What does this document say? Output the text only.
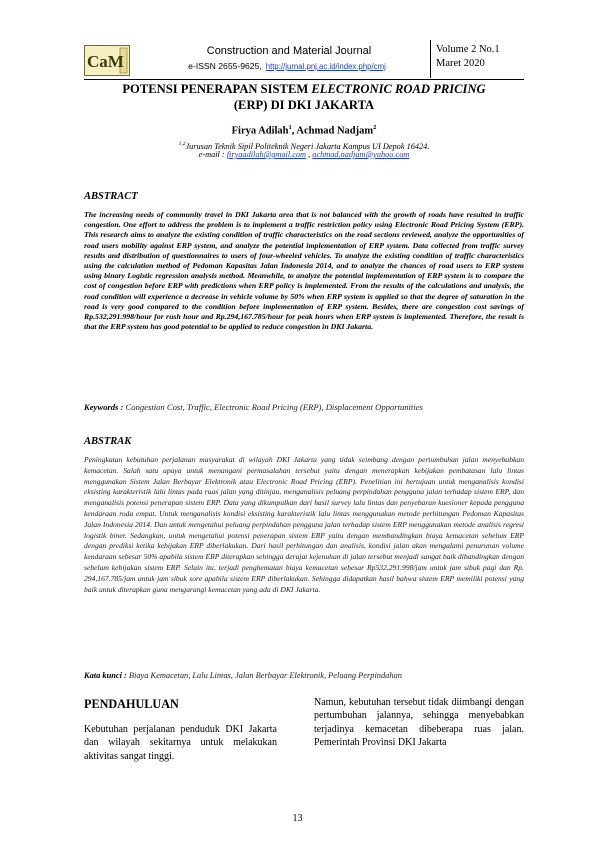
CaM
Construction and Material Journal
e-ISSN 2655-9625, http://jurnal.pnj.ac.id/index.php/cmj
Volume 2 No.1
Maret 2020
POTENSI PENERAPAN SISTEM ELECTRONIC ROAD PRICING
(ERP) DI DKI JAKARTA
Firya Adilah$^1$, Achmad Nadjam$^2$
$^{1,2}$Jurusan Teknik Sipil Politeknik Negeri Jakarta Kampus UI Depok 16424.
e-mail : firyaadilah@gmail.com , achmad.nadjam@yahoo.com
ABSTRACT
The increasing needs of community travel in DKI Jakarta area that is not balanced with the growth of roads have resulted in traffic congestion. One effort to address the problem is to implement a traffic restriction policy using Electronic Road Pricing System (ERP). This research aims to analyze the existing condition of traffic characteristics on the road sections reviewed, analyze the opportunities of road users mobility against ERP system, and analyze the potential implementation of ERP system. Data collected from traffic survey results and distribution of questionnaires to users of four-wheeled vehicles. To analyze the existing condition of traffic characteristics using the calculation method of Pedoman Kapasitas Jalan Indonesia 2014, and to analyze the chances of road users to ERP system using binary Logistic regression analysis method. Meanwhile, to analyze the potential implementation of ERP system is to compare the cost of congestion before ERP with predictions when ERP policy is implemented. From the results of the calculations and analysis, the road condition will experience a decrease in vehicle volume by 50% when ERP system is applied so that the degree of saturation in the road is very good compared to the condition before implementation of ERP system. Besides, there are congestion cost savings of Rp.532,291.998/hour for rush hour and Rp.294,167.785/hour for peak hours when ERP system is implemented. Therefore, the result is that the ERP system has good potential to be applied to reduce congestion in DKI Jakarta.
Keywords : Congestion Cost, Traffic, Electronic Road Pricing (ERP), Displacement Opportunities
ABSTRAK
Peningkatan kebutuhan perjalanan masyarakat di wilayah DKI Jakarta yang tidak seimbang dengan pertumbuhan jalan menyebabkan kemacetan. Salah satu upaya untuk menangani permasalahan tersebut yaitu dengan menerapkan kebijakan pembatasan lalu lintas menggunakan Sistem Jalan Berbayar Elektronik atau Electronic Road Pricing (ERP). Penelitian ini bertujuan untuk menganalisis kondisi eksisting karakteristik lalu lintas pada ruas jalan yang ditinjau, menganalisis peluang perpindahan pengguna jalan terhadap sistem ERP, dan menganalisis potensi penerapan sistem ERP. Data yang dikumpulkan dari hasil survey lalu lintas dan penyebaran kuesioner kepada pengguna kendaraan roda empat. Untuk menganalisis kondisi eksisting karakteristik lalu lintas menggunakan metode perhitungan Pedoman Kapasitas Jalan Indonesia 2014. Dan untuk mengetahui peluang perpindahan pengguna jalan terhadap sistem ERP menggunakan metode analisis regresi logistik biner. Sedangkan, untuk mengetahui potensi penerapan sistem ERP yaitu dengan membandingkan biaya kemacetan sebelum ERP dengan prediksi ketika kebijakan ERP diberlakukan. Dari hasil perhitungan dan analisis, kondisi jalan akan mengalami penurunan volume kendaraan sebesar 50% apabila sistem ERP diterapkan sehingga derajat kejenuhan di jalan tersebut menjadi sangat baik dibandingkan dengan sebelum kebijakan sistem ERP. Selain itu, terjadi penghematan biaya kemacetan sebesar Rp532,291.998/jam untuk jam sibuk pagi dan Rp. 294,167.785/jam untuk jam sibuk sore apabila sistem ERP diberlakukan. Sehingga didapatkan hasil bahwa sistem ERP memiliki potensi yang baik untuk diterapkan guna mengurangi kemacetan yang ada di DKI Jakarta.
Kata kunci : Biaya Kemacetan, Lalu Lintas, Jalan Berbayar Elektronik, Peluang Perpindahan
PENDAHULUAN
Kebutuhan perjalanan penduduk DKI Jakarta dan wilayah sekitarnya untuk melakukan aktivitas sangat tinggi.
Namun, kebutuhan tersebut tidak diimbangi dengan pertumbuhan jalannya, sehingga menyebabkan terjadinya kemacetan dibeberapa ruas jalan. Pemerintah Provinsi DKI Jakarta
13
